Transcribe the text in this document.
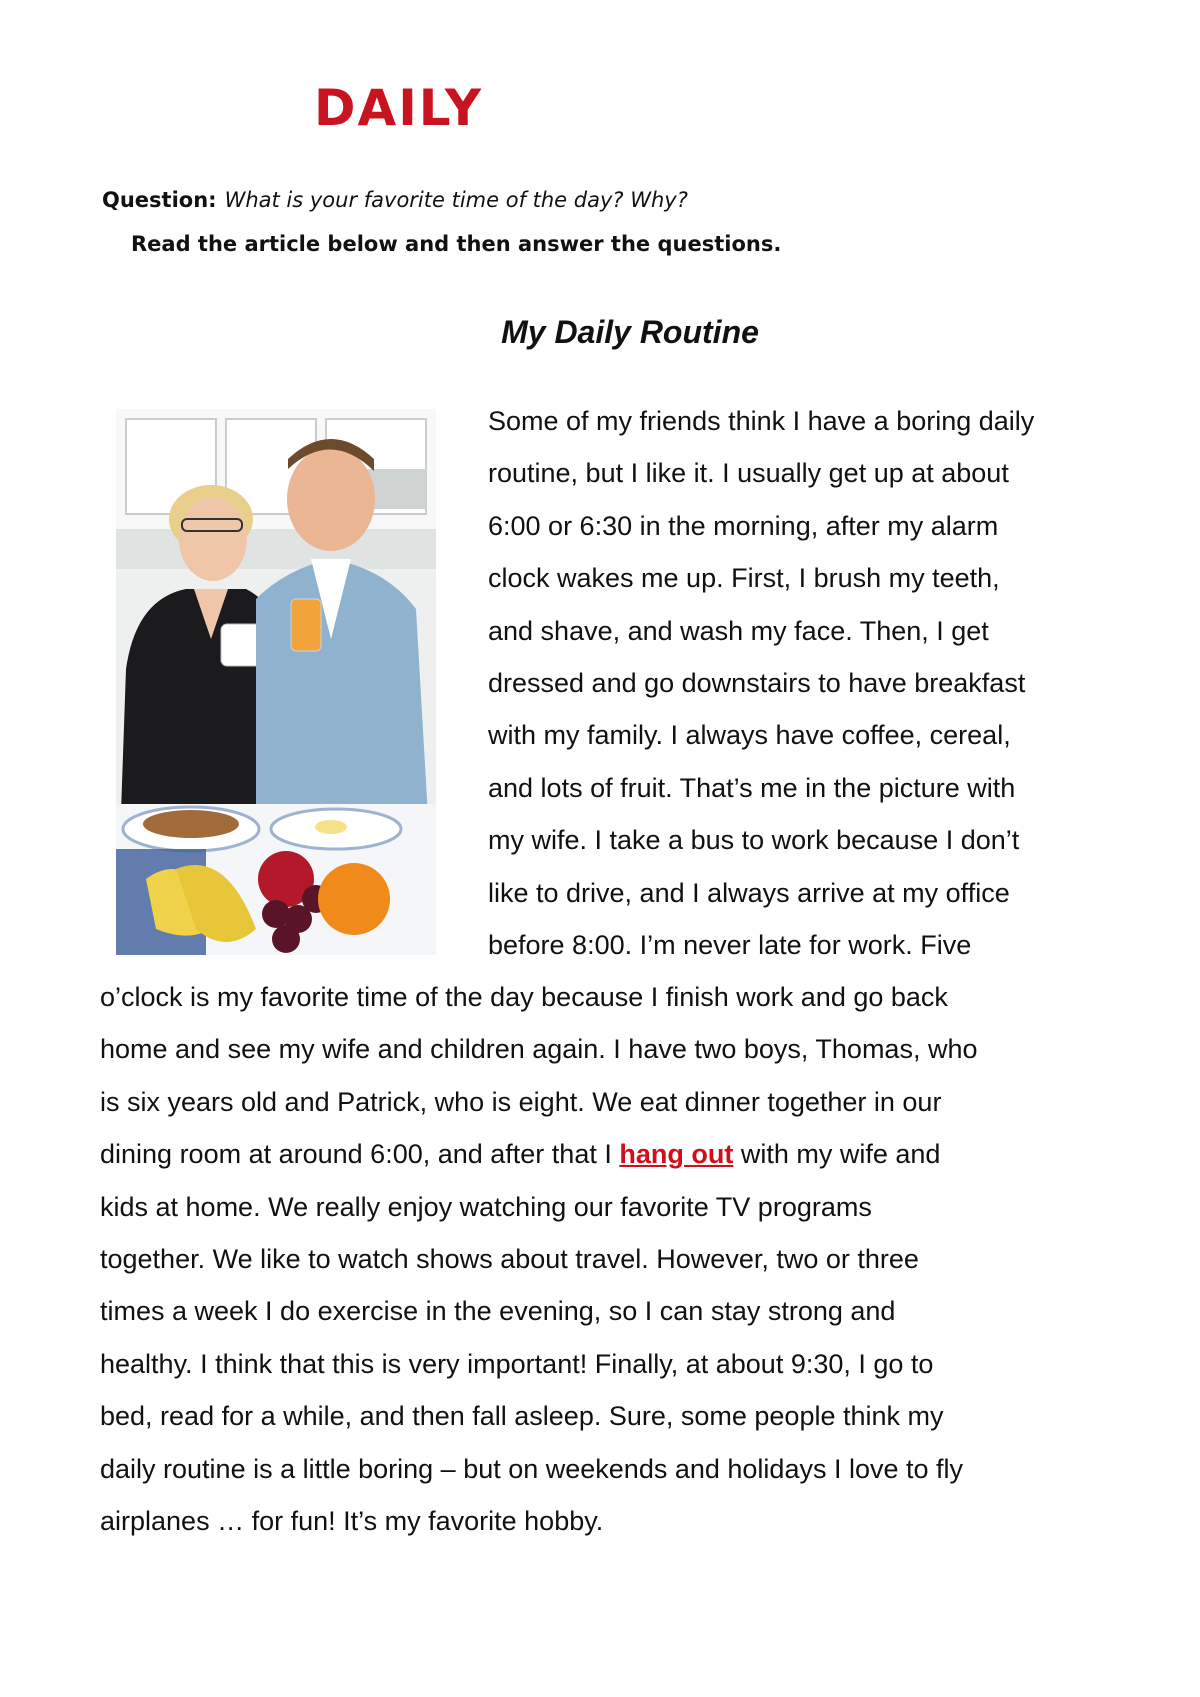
DAILY
Question: What is your favorite time of the day? Why?
Read the article below and then answer the questions.
My Daily Routine
Some of my friends think I have a boring daily
routine, but I like it. I usually get up at about
6:00 or 6:30 in the morning, after my alarm
clock wakes me up. First, I brush my teeth,
and shave, and wash my face. Then, I get
dressed and go downstairs to have breakfast
with my family. I always have coffee, cereal,
and lots of fruit. That’s me in the picture with
my wife. I take a bus to work because I don’t
like to drive, and I always arrive at my office
before 8:00. I’m never late for work. Five
o’clock is my favorite time of the day because I finish work and go back
home and see my wife and children again. I have two boys, Thomas, who
is six years old and Patrick, who is eight. We eat dinner together in our
dining room at around 6:00, and after that I hang out with my wife and
kids at home. We really enjoy watching our favorite TV programs
together. We like to watch shows about travel. However, two or three
times a week I do exercise in the evening, so I can stay strong and
healthy. I think that this is very important! Finally, at about 9:30, I go to
bed, read for a while, and then fall asleep. Sure, some people think my
daily routine is a little boring – but on weekends and holidays I love to fly
airplanes … for fun! It’s my favorite hobby.
